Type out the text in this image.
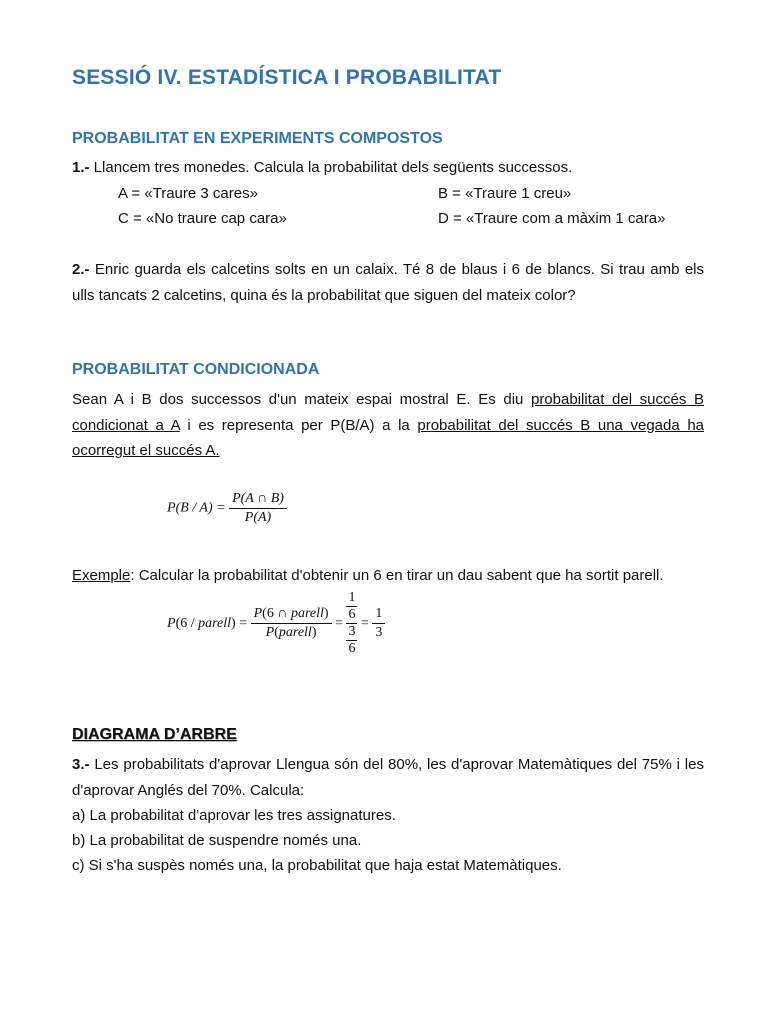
SESSIÓ IV. ESTADÍSTICA I PROBABILITAT
PROBABILITAT EN EXPERIMENTS COMPOSTOS
1.- Llancem tres monedes. Calcula la probabilitat dels següents successos.
A = «Traure 3 cares»	B = «Traure 1 creu»
C = «No traure cap cara»	D = «Traure com a màxim 1 cara»
2.- Enric guarda els calcetins solts en un calaix. Té 8 de blaus i 6 de blancs. Si trau amb els ulls tancats 2 calcetins, quina és la probabilitat que siguen del mateix color?
PROBABILITAT CONDICIONADA
Sean A i B dos successos d'un mateix espai mostral E. Es diu probabilitat del succés B condicionat a A i es representa per P(B/A) a la probabilitat del succés B una vegada ha ocorregut el succés A.
$P(B / A) = \frac{P(A \cap B)}{P(A)}$
Exemple: Calcular la probabilitat d'obtenir un 6 en tirar un dau sabent que ha sortit parell.
P(6 / parell) = $\frac{\text{P(6 ∩ parell)}}{\text{P(parell)}} = \frac{\frac{1}{6}}{\frac{3}{6}} = \frac{1}{3}$
DIAGRAMA D’ARBRE
3.- Les probabilitats d'aprovar Llengua són del 80%, les d'aprovar Matemàtiques del 75% i les d'aprovar Anglés del 70%. Calcula:
a) La probabilitat d'aprovar les tres assignatures.
b) La probabilitat de suspendre només una.
c) Si s'ha suspès només una, la probabilitat que haja estat Matemàtiques.
